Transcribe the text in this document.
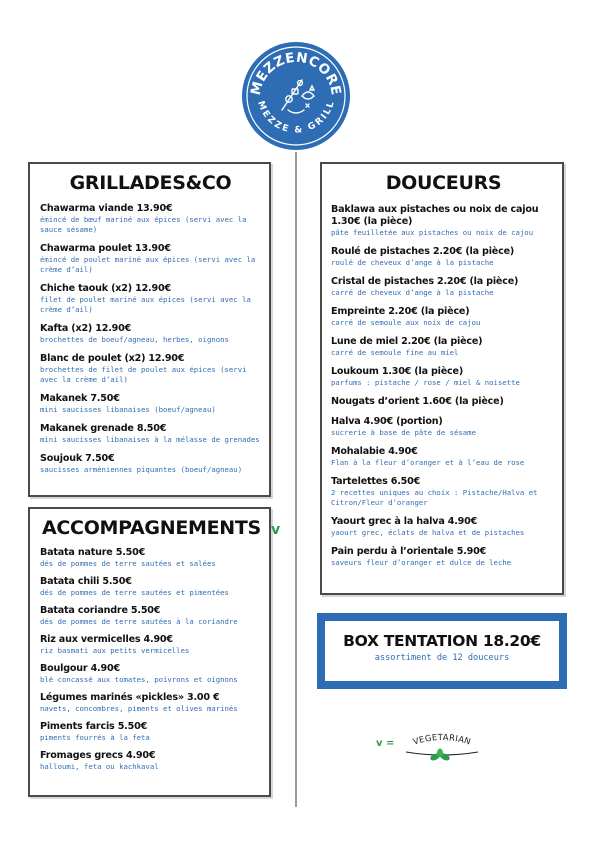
MEZZENCORE
MEZZE & GRILL
GRILLADES&CO
Chawarma viande 13.90€
émincé de bœuf mariné aux épices (servi avec la sauce sésame)
Chawarma poulet 13.90€
émincé de poulet mariné aux épices (servi avec la crème d’ail)
Chiche taouk (x2) 12.90€
filet de poulet mariné aux épices (servi avec la crème d’ail)
Kafta (x2) 12.90€
brochettes de boeuf/agneau, herbes, oignons
Blanc de poulet (x2) 12.90€
brochettes de filet de poulet aux épices (servi avec la crème d’ail)
Makanek 7.50€
mini saucisses libanaises (boeuf/agneau)
Makanek grenade 8.50€
mini saucisses libanaises à la mélasse de grenades
Soujouk 7.50€
saucisses arméniennes piquantes (boeuf/agneau)
ACCOMPAGNEMENTS v
Batata nature 5.50€
dés de pommes de terre sautées et salées
Batata chili 5.50€
dés de pommes de terre sautées et pimentées
Batata coriandre 5.50€
dés de pommes de terre sautées à la coriandre
Riz aux vermicelles 4.90€
riz basmati aux petits vermicelles
Boulgour 4.90€
blé concassé aux tomates, poivrons et oignons
Légumes marinés «pickles» 3.00 €
navets, concombres, piments et olives marinés
Piments farcis 5.50€
piments fourrés à la feta
Fromages grecs 4.90€
halloumi, feta ou kachkaval
DOUCEURS
Baklawa aux pistaches ou noix de cajou 1.30€ (la pièce)
pâte feuilletée aux pistaches ou noix de cajou
Roulé de pistaches 2.20€ (la pièce)
roulé de cheveux d’ange à la pistache
Cristal de pistaches 2.20€ (la pièce)
carré de cheveux d’ange à la pistache
Empreinte 2.20€ (la pièce)
carré de semoule aux noix de cajou
Lune de miel 2.20€ (la pièce)
carré de semoule fine au miel
Loukoum 1.30€ (la pièce)
parfums : pistache / rose / miel & noisette
Nougats d’orient 1.60€ (la pièce)
Halva 4.90€ (portion)
sucrerie à base de pâte de sésame
Mohalabie 4.90€
Flan à la fleur d’oranger et à l’eau de rose
Tartelettes 6.50€
2 recettes uniques au choix : Pistache/Halva et Citron/Fleur d’oranger
Yaourt grec à la halva 4.90€
yaourt grec, éclats de halva et de pistaches
Pain perdu à l’orientale 5.90€
saveurs fleur d’oranger et dulce de leche
BOX TENTATION 18.20€
assortiment de 12 douceurs
v = VEGETARIAN
